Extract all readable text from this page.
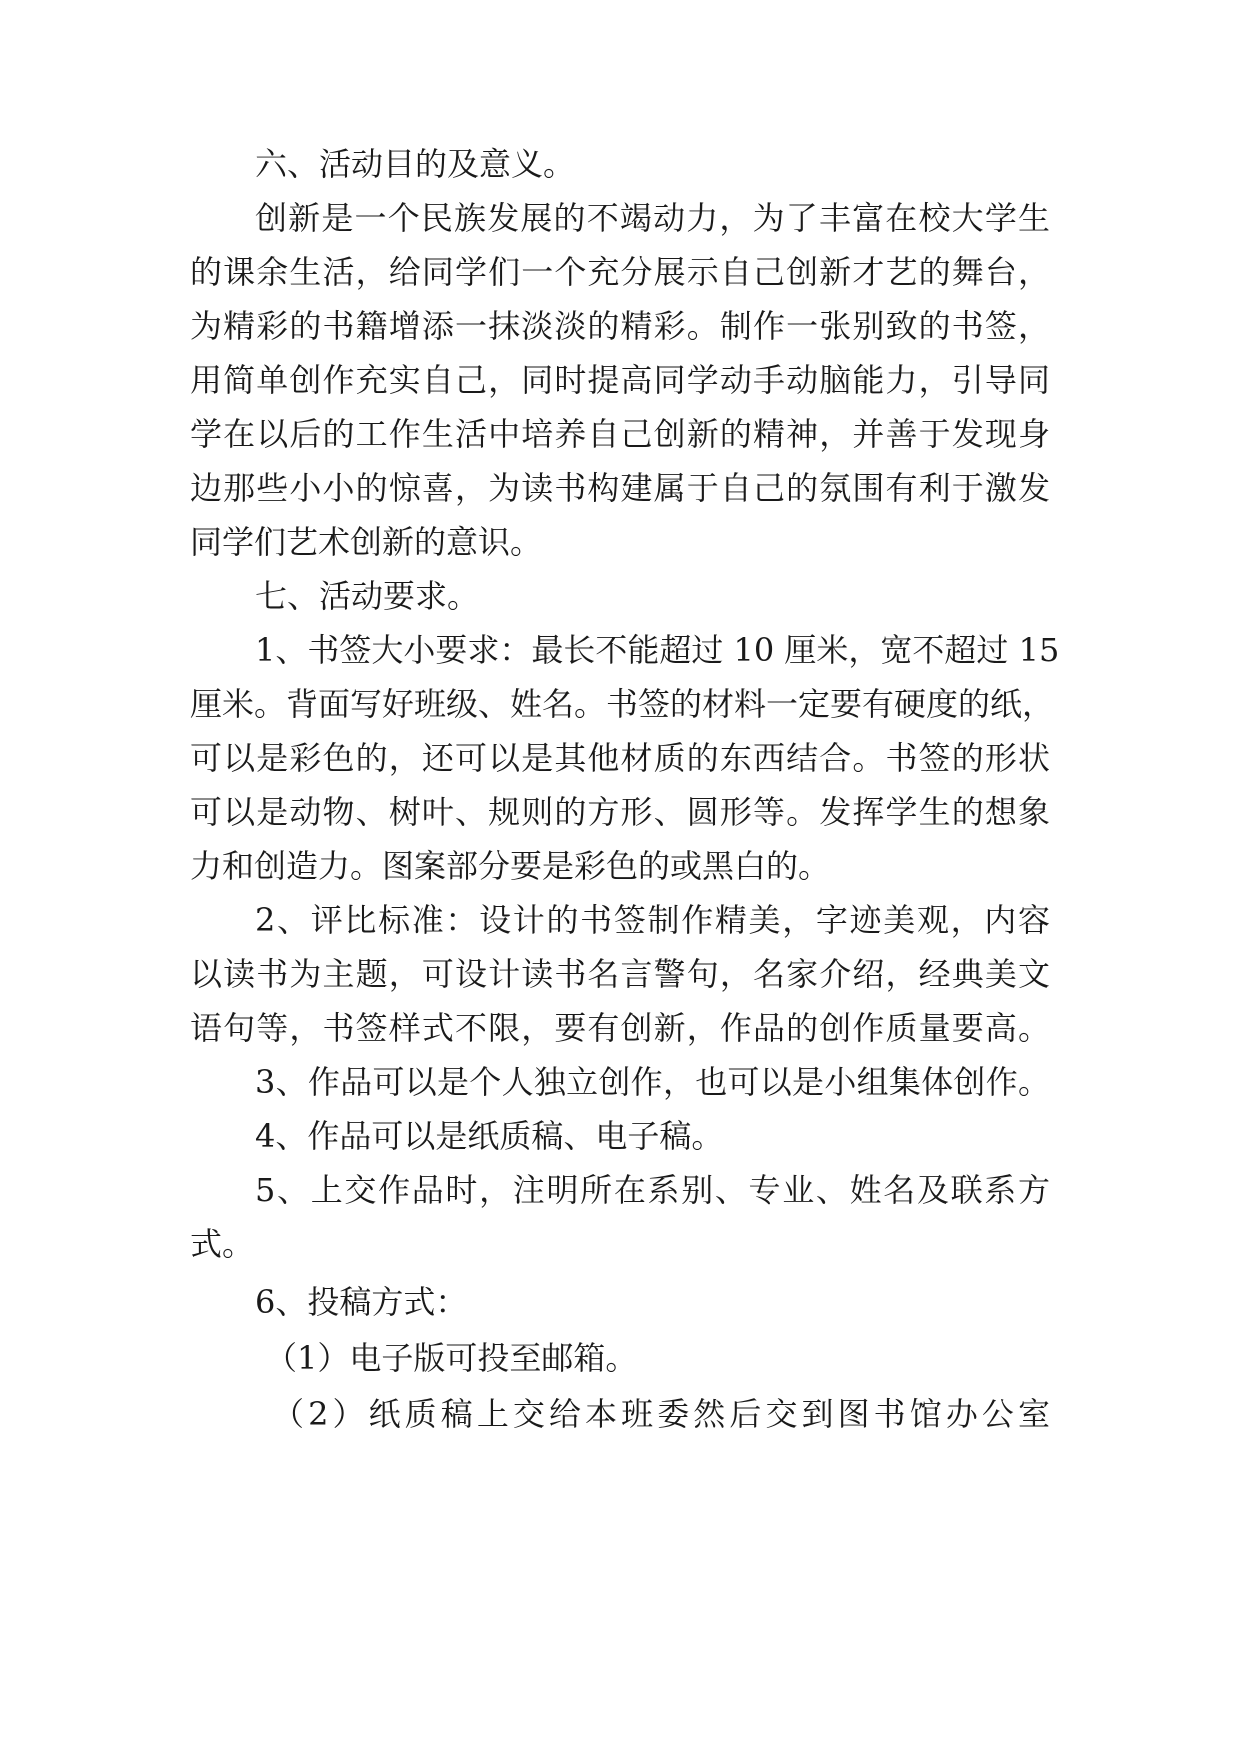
六、活动目的及意义。
创新是一个民族发展的不竭动力，为了丰富在校大学生
的课余生活，给同学们一个充分展示自己创新才艺的舞台，
为精彩的书籍增添一抹淡淡的精彩。制作一张别致的书签，
用简单创作充实自己，同时提高同学动手动脑能力，引导同
学在以后的工作生活中培养自己创新的精神，并善于发现身
边那些小小的惊喜，为读书构建属于自己的氛围有利于激发
同学们艺术创新的意识。
七、活动要求。
1、书签大小要求：最长不能超过 10 厘米，宽不超过 15
厘米。背面写好班级、姓名。书签的材料一定要有硬度的纸，
可以是彩色的，还可以是其他材质的东西结合。书签的形状
可以是动物、树叶、规则的方形、圆形等。发挥学生的想象
力和创造力。图案部分要是彩色的或黑白的。
2、评比标准：设计的书签制作精美，字迹美观，内容
以读书为主题，可设计读书名言警句，名家介绍，经典美文
语句等，书签样式不限，要有创新，作品的创作质量要高。
3、作品可以是个人独立创作，也可以是小组集体创作。
4、作品可以是纸质稿、电子稿。
5、上交作品时，注明所在系别、专业、姓名及联系方
式。
6、投稿方式：
（1）电子版可投至邮箱。
（2）纸质稿上交给本班委然后交到图书馆办公室
